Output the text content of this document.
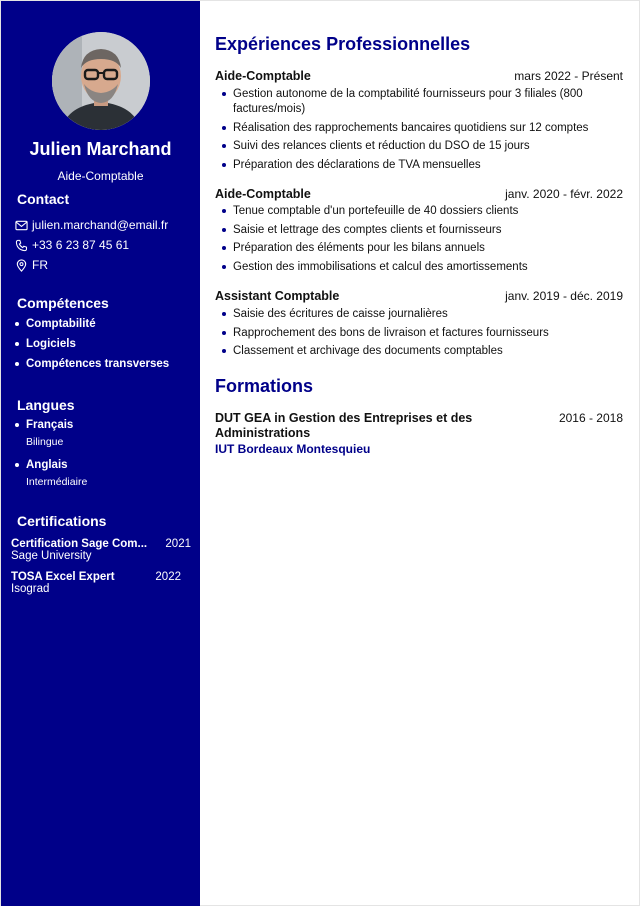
Julien Marchand
Aide-Comptable
Contact
julien.marchand@email.fr
+33 6 23 87 45 61
FR
Compétences
Comptabilité
Logiciels
Compétences transverses
Langues
Français
Bilingue
Anglais
Intermédiaire
Certifications
Certification Sage Com... 2021
Sage University
TOSA Excel Expert	2022
Isograd
Expériences Professionnelles
Aide-Comptable	mars 2022 - Présent
Gestion autonome de la comptabilité fournisseurs pour 3 filiales (800 factures/mois)
Réalisation des rapprochements bancaires quotidiens sur 12 comptes
Suivi des relances clients et réduction du DSO de 15 jours
Préparation des déclarations de TVA mensuelles
Aide-Comptable	janv. 2020 - févr. 2022
Tenue comptable d'un portefeuille de 40 dossiers clients
Saisie et lettrage des comptes clients et fournisseurs
Préparation des éléments pour les bilans annuels
Gestion des immobilisations et calcul des amortissements
Assistant Comptable	janv. 2019 - déc. 2019
Saisie des écritures de caisse journalières
Rapprochement des bons de livraison et factures fournisseurs
Classement et archivage des documents comptables
Formations
DUT GEA in Gestion des Entreprises et des Administrations
2016 - 2018
IUT Bordeaux Montesquieu
